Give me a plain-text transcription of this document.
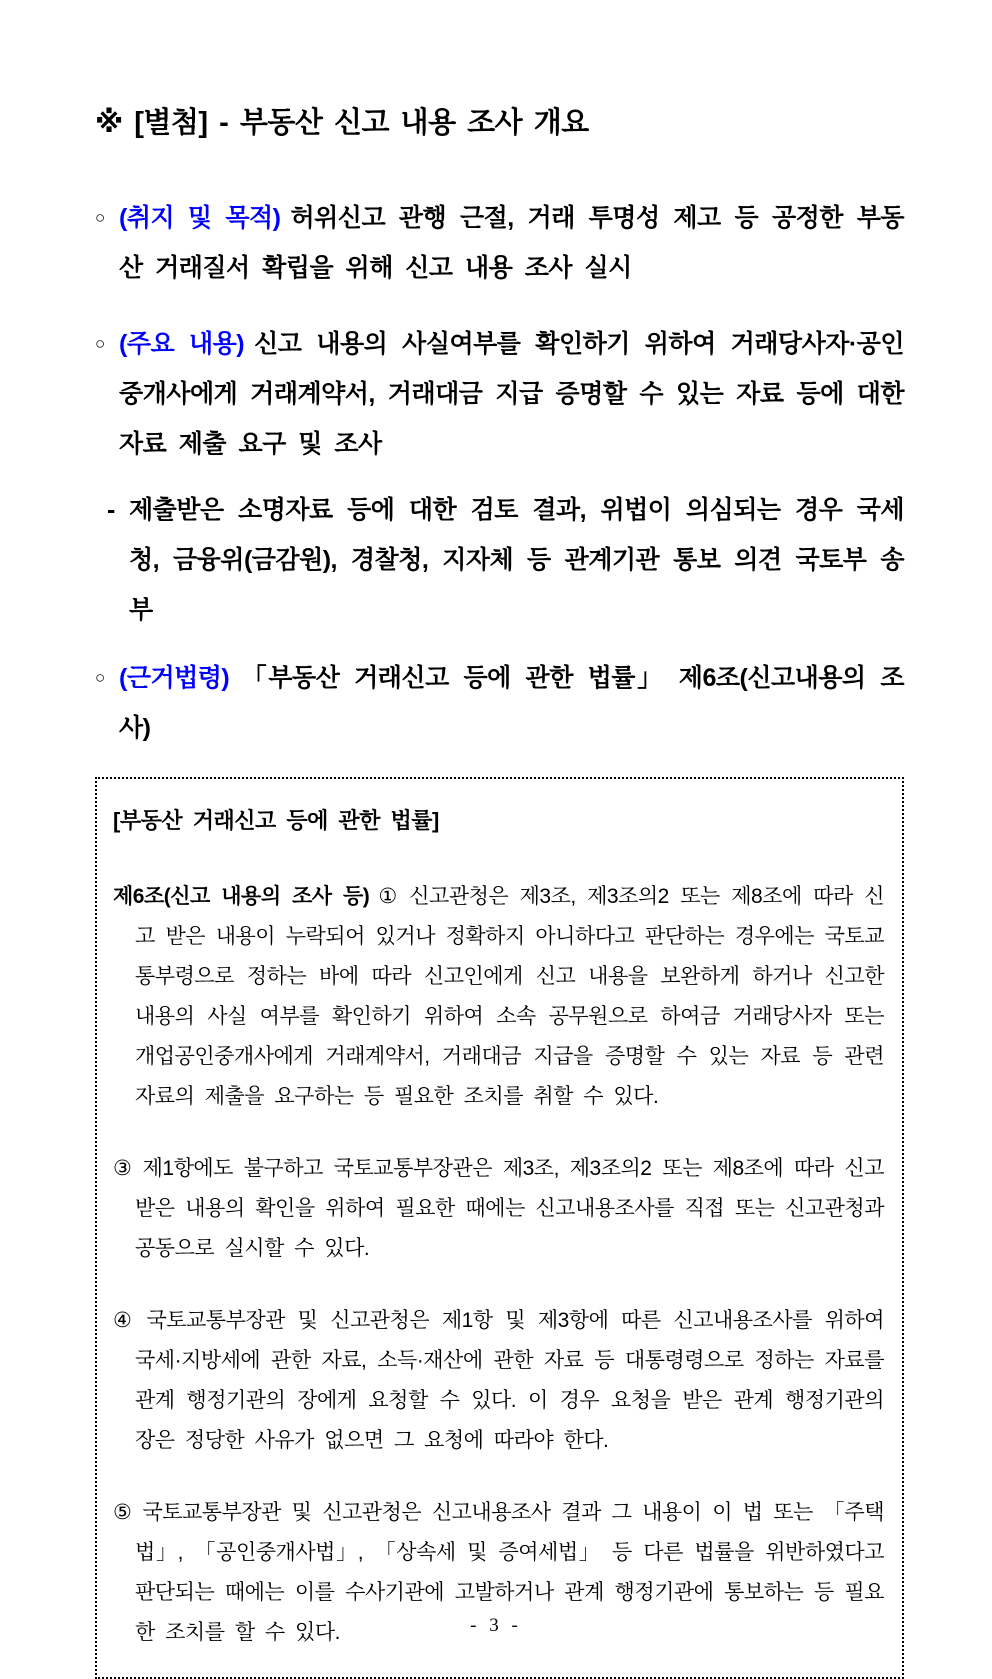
※ [별첨] - 부동산 신고 내용 조사 개요
○ (취지 및 목적) 허위신고 관행 근절, 거래 투명성 제고 등 공정한 부동산 거래질서 확립을 위해 신고 내용 조사 실시
○ (주요 내용) 신고 내용의 사실여부를 확인하기 위하여 거래당사자·공인중개사에게 거래계약서, 거래대금 지급 증명할 수 있는 자료 등에 대한 자료 제출 요구 및 조사
- 제출받은 소명자료 등에 대한 검토 결과, 위법이 의심되는 경우 국세청, 금융위(금감원), 경찰청, 지자체 등 관계기관 통보 의견 국토부 송부
○ (근거법령) 「부동산 거래신고 등에 관한 법률」 제6조(신고내용의 조사)
[부동산 거래신고 등에 관한 법률]
제6조(신고 내용의 조사 등) ① 신고관청은 제3조, 제3조의2 또는 제8조에 따라 신고 받은 내용이 누락되어 있거나 정확하지 아니하다고 판단하는 경우에는 국토교통부령으로 정하는 바에 따라 신고인에게 신고 내용을 보완하게 하거나 신고한 내용의 사실 여부를 확인하기 위하여 소속 공무원으로 하여금 거래당사자 또는 개업공인중개사에게 거래계약서, 거래대금 지급을 증명할 수 있는 자료 등 관련 자료의 제출을 요구하는 등 필요한 조치를 취할 수 있다.
③ 제1항에도 불구하고 국토교통부장관은 제3조, 제3조의2 또는 제8조에 따라 신고받은 내용의 확인을 위하여 필요한 때에는 신고내용조사를 직접 또는 신고관청과 공동으로 실시할 수 있다.
④ 국토교통부장관 및 신고관청은 제1항 및 제3항에 따른 신고내용조사를 위하여 국세·지방세에 관한 자료, 소득·재산에 관한 자료 등 대통령령으로 정하는 자료를 관계 행정기관의 장에게 요청할 수 있다. 이 경우 요청을 받은 관계 행정기관의 장은 정당한 사유가 없으면 그 요청에 따라야 한다.
⑤ 국토교통부장관 및 신고관청은 신고내용조사 결과 그 내용이 이 법 또는 「주택법」, 「공인중개사법」, 「상속세 및 증여세법」 등 다른 법률을 위반하였다고 판단되는 때에는 이를 수사기관에 고발하거나 관계 행정기관에 통보하는 등 필요한 조치를 할 수 있다.	- 3 -
